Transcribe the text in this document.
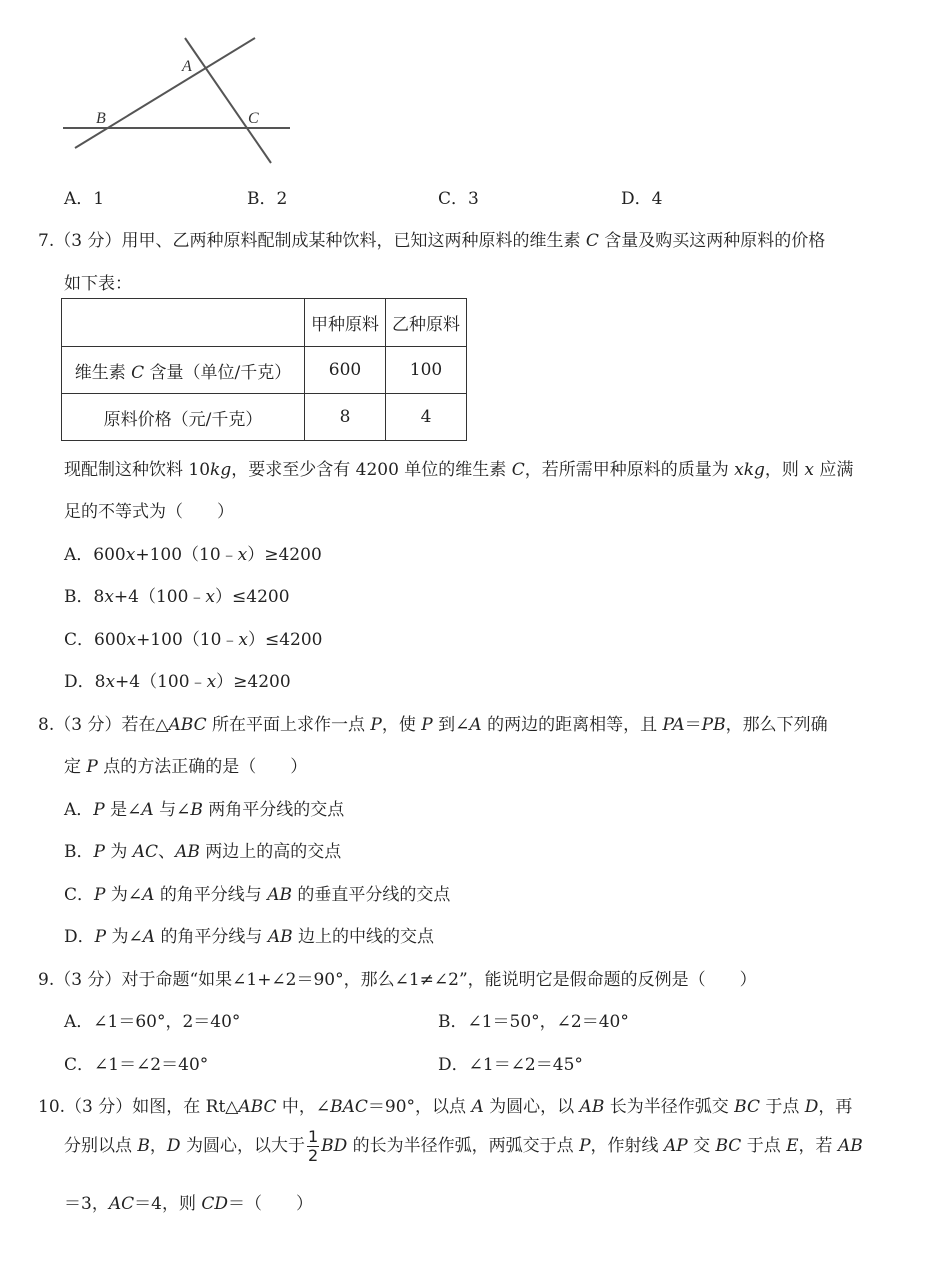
A
B	C
A．1	B．2	C．3	D．4
7.（3 分）用甲、乙两种原料配制成某种饮料，已知这两种原料的维生素 C 含量及购买这两种原料的价格
如下表：
	甲种原料	乙种原料
维生素 C 含量（单位/千克）	600	100
原料价格（元/千克）	8	4
现配制这种饮料 10kg，要求至少含有 4200 单位的维生素 C，若所需甲种原料的质量为 xkg，则 x 应满
足的不等式为（　　）
A．600x+100（10﹣x）≥4200
B．8x+4（100﹣x）≤4200
C．600x+100（10﹣x）≤4200
D．8x+4（100﹣x）≥4200
8.（3 分）若在△ABC 所在平面上求作一点 P，使 P 到∠A 的两边的距离相等，且 PA＝PB，那么下列确
定 P 点的方法正确的是（　　）
A．P 是∠A 与∠B 两角平分线的交点
B．P 为 AC、AB 两边上的高的交点
C．P 为∠A 的角平分线与 AB 的垂直平分线的交点
D．P 为∠A 的角平分线与 AB 边上的中线的交点
9.（3 分）对于命题“如果∠1+∠2＝90°，那么∠1≠∠2”，能说明它是假命题的反例是（　　）
A．∠1＝60°，2＝40°	B．∠1＝50°，∠2＝40°
C．∠1＝∠2＝40°	D．∠1＝∠2＝45°
10.（3 分）如图，在 Rt△ABC 中，∠BAC＝90°，以点 A 为圆心，以 AB 长为半径作弧交 BC 于点 D，再
分别以点 B，D 为圆心，以大于 $\frac{1}{2}$ BD 的长为半径作弧，两弧交于点 P，作射线 AP 交 BC 于点 E，若 AB
＝3，AC＝4，则 CD＝（　　）
